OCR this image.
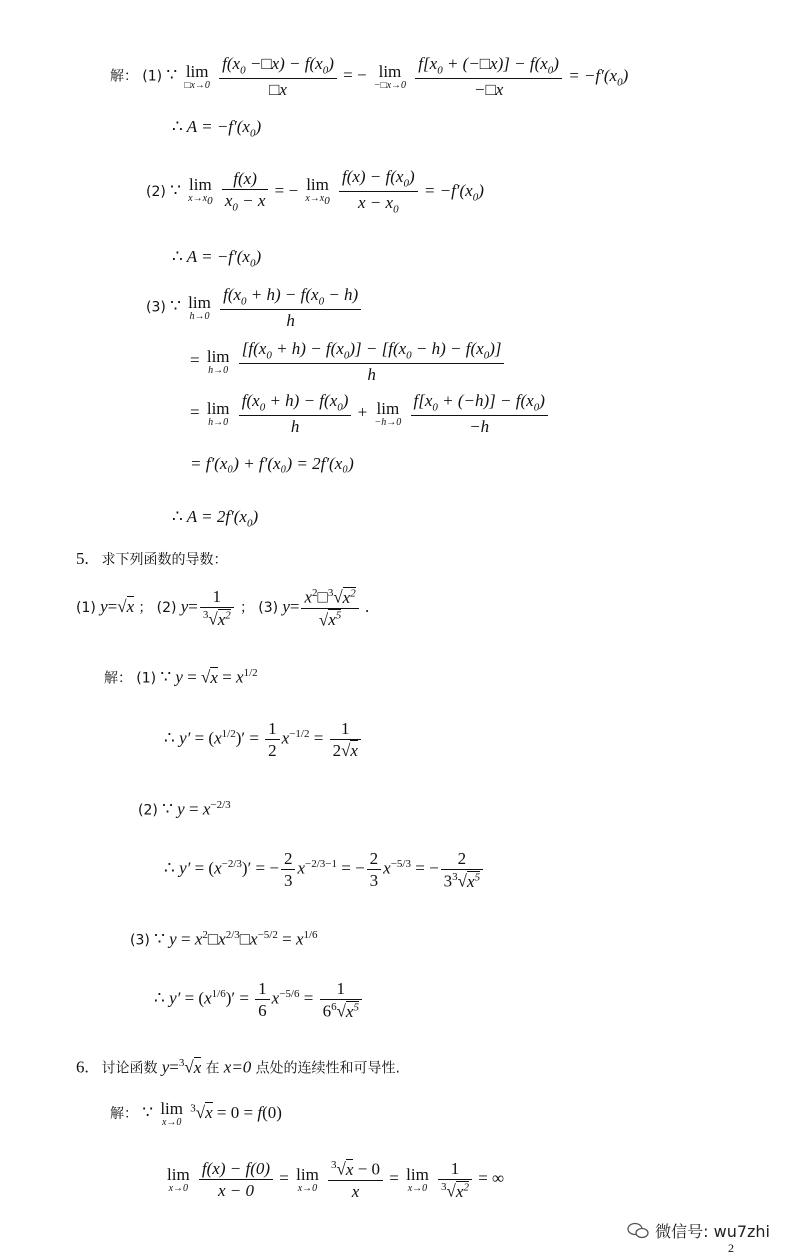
解： (1) ∵ lim
□x→0
$\frac{f(x_0 -□x) - f(x_0)}{□x}$ = − lim
−□x→0
$\frac{f[x_0 + (-□x)] - f(x_0)}{-□x} = -f'(x_0)$
∴ $A = -f'(x_0)$
(2) ∵ lim
$x\to x_0$
$\frac{f(x)}{x_0 - x}$ = − lim
$x\to x_0$
$\frac{f(x) - f(x_0)}{x - x_0} = -f'(x_0)$
∴ $A = -f'(x_0)$
(3) ∵ lim
h→0
$\frac{f(x_0 + h) - f(x_0 - h)}{h}$
= lim
h→0
$\frac{[f(x_0 + h) - f(x_0)] - [f(x_0 - h) - f(x_0)]}{h}$
= lim
h→0
$\frac{f(x_0 + h) - f(x_0)}{h} + \lim$
−h→0
$\frac{f[x_0 + (-h)] - f(x_0)}{-h}$
= f′(x₀) + f′(x₀) = 2f′(x₀)
∴ $A = 2f'(x_0)$
5. 求下列函数的导数：
(1) y=√x ； (2) $y= \frac{1}{^3√x^2}$ ； (3) $y= \frac{x^2□^3√x^2}{√x^5}$ .
解： (1) ∵ $y = √x = x^{1/2}$
∴ $y' = (x^{1/2})' = \frac{1}{2} x^{-1/2} = \frac{1}{2√x}$
(2) ∵ $y = x^{-2/3}$
∴ $y' = (x^{-2/3})'$ = − $\frac{2}{3} x^{-2/3-1}$ = − $\frac{2}{3} x^{-5/3}$ = − $\frac{2}{3^3√x^5}$
(3) ∵ $y = x^2□x^{2/3}□x^{-5/2} = x^{1/6}$
∴ $y' = (x^{1/6})' = \frac{1}{6} x^{-5/6} = \frac{1}{6^6√x^5}$
6. 讨论函数 y=$^3$√x 在 x=0 点处的连续性和可导性.
解： ∵ lim
x→0
$^3$√x = 0 = f(0)
lim
x→0
$\frac{f(x) - f(0)}{x - 0} = \lim$
x→0
$\frac{^3√x - 0}{x} = \lim$
x→0
$\frac{1}{^3√x^2}$ = ∞
微信号: wu7zhi
2
